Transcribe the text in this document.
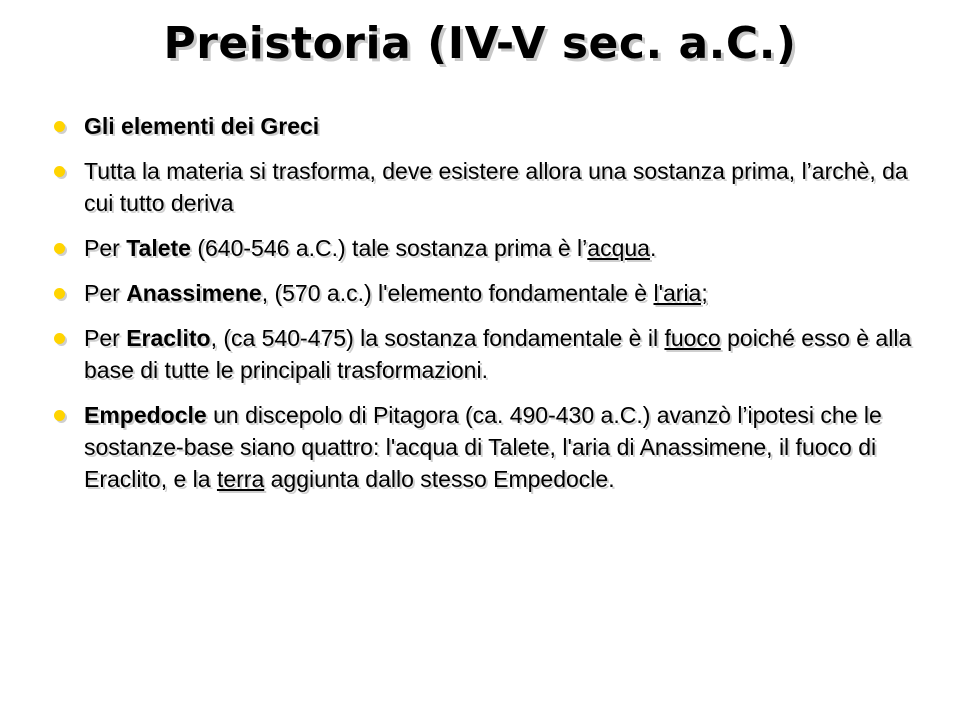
Preistoria (IV-V sec. a.C.)
Gli elementi dei Greci
Tutta la materia si trasforma, deve esistere allora una sostanza prima, l’archè, da cui tutto deriva
Per Talete (640-546 a.C.) tale sostanza prima è l’acqua.
Per Anassimene, (570 a.c.) l'elemento fondamentale è l'aria;
Per Eraclito, (ca 540-475) la sostanza fondamentale è il fuoco poiché esso è alla base di tutte le principali trasformazioni.
Empedocle un discepolo di Pitagora (ca. 490-430 a.C.) avanzò l’ipotesi che le sostanze-base siano quattro: l'acqua di Talete, l'aria di Anassimene, il fuoco di Eraclito, e la terra aggiunta dallo stesso Empedocle.
